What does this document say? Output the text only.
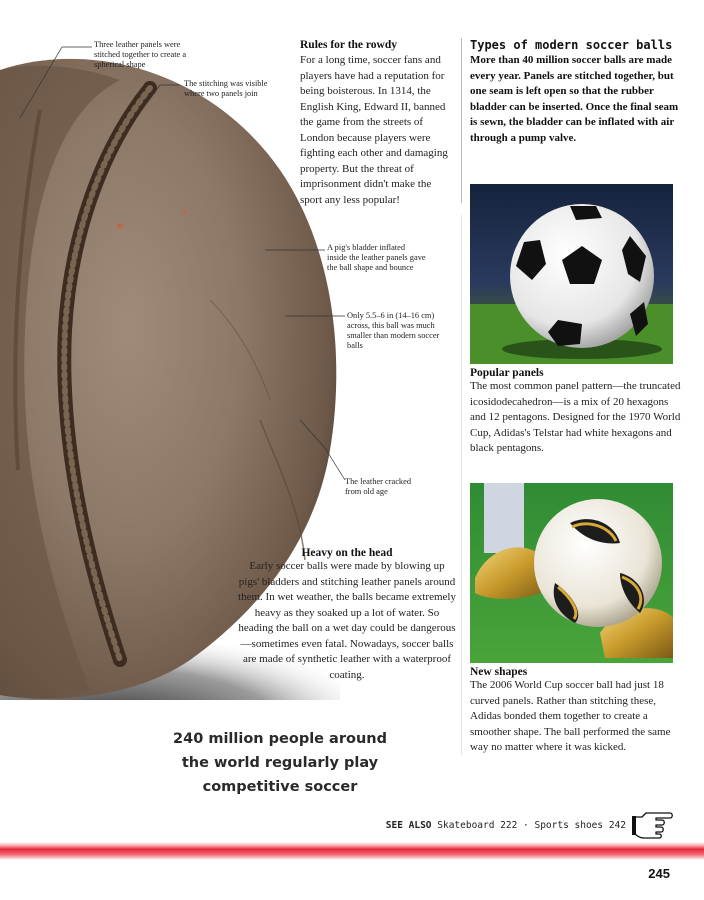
Three leather panels were stitched together to create a spherical shape
The stitching was visible where two panels join
A pig's bladder inflated inside the leather panels gave the ball shape and bounce
Only 5.5–6 in (14–16 cm) across, this ball was much smaller than modern soccer balls
The leather cracked from old age
Rules for the rowdy
For a long time, soccer fans and players have had a reputation for being boisterous. In 1314, the English King, Edward II, banned the game from the streets of London because players were fighting each other and damaging property. But the threat of imprisonment didn't make the sport any less popular!
Types of modern soccer balls
More than 40 million soccer balls are made every year. Panels are stitched together, but one seam is left open so that the rubber bladder can be inserted. Once the final seam is sewn, the bladder can be inflated with air through a pump valve.
Popular panels
The most common panel pattern—the truncated icosidodecahedron—is a mix of 20 hexagons and 12 pentagons. Designed for the 1970 World Cup, Adidas's Telstar had white hexagons and black pentagons.
New shapes
The 2006 World Cup soccer ball had just 18 curved panels. Rather than stitching these, Adidas bonded them together to create a smoother shape. The ball performed the same way no matter where it was kicked.
Heavy on the head
Early soccer balls were made by blowing up pigs' bladders and stitching leather panels around them. In wet weather, the balls became extremely heavy as they soaked up a lot of water. So heading the ball on a wet day could be dangerous—sometimes even fatal. Nowadays, soccer balls are made of synthetic leather with a waterproof coating.
240 million people around
the world regularly play
competitive soccer
SEE ALSO Skateboard 222 · Sports shoes 242
245
